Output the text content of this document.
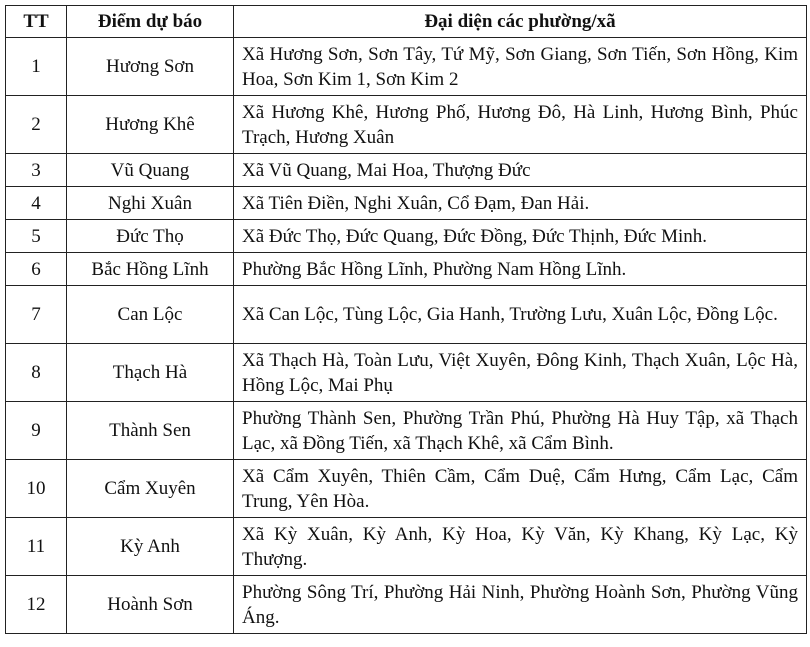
TT	Điểm dự báo	Đại diện các phường/xã
1	Hương Sơn	Xã Hương Sơn, Sơn Tây, Tứ Mỹ, Sơn Giang, Sơn Tiến, Sơn Hồng, Kim Hoa, Sơn Kim 1, Sơn Kim 2
2	Hương Khê	Xã Hương Khê, Hương Phố, Hương Đô, Hà Linh, Hương Bình, Phúc Trạch, Hương Xuân
3	Vũ Quang	Xã Vũ Quang, Mai Hoa, Thượng Đức
4	Nghi Xuân	Xã Tiên Điền, Nghi Xuân, Cổ Đạm, Đan Hải.
5	Đức Thọ	Xã Đức Thọ, Đức Quang, Đức Đồng, Đức Thịnh, Đức Minh.
6	Bắc Hồng Lĩnh	Phường Bắc Hồng Lĩnh, Phường Nam Hồng Lĩnh.
7	Can Lộc	Xã Can Lộc, Tùng Lộc, Gia Hanh, Trường Lưu, Xuân Lộc, Đồng Lộc.
8	Thạch Hà	Xã Thạch Hà, Toàn Lưu, Việt Xuyên, Đông Kinh, Thạch Xuân, Lộc Hà, Hồng Lộc, Mai Phụ
9	Thành Sen	Phường Thành Sen, Phường Trần Phú, Phường Hà Huy Tập, xã Thạch Lạc, xã Đồng Tiến, xã Thạch Khê, xã Cẩm Bình.
10	Cẩm Xuyên	Xã Cẩm Xuyên, Thiên Cầm, Cẩm Duệ, Cẩm Hưng, Cẩm Lạc, Cẩm Trung, Yên Hòa.
11	Kỳ Anh	Xã Kỳ Xuân, Kỳ Anh, Kỳ Hoa, Kỳ Văn, Kỳ Khang, Kỳ Lạc, Kỳ Thượng.
12	Hoành Sơn	Phường Sông Trí, Phường Hải Ninh, Phường Hoành Sơn, Phường Vũng Áng.
